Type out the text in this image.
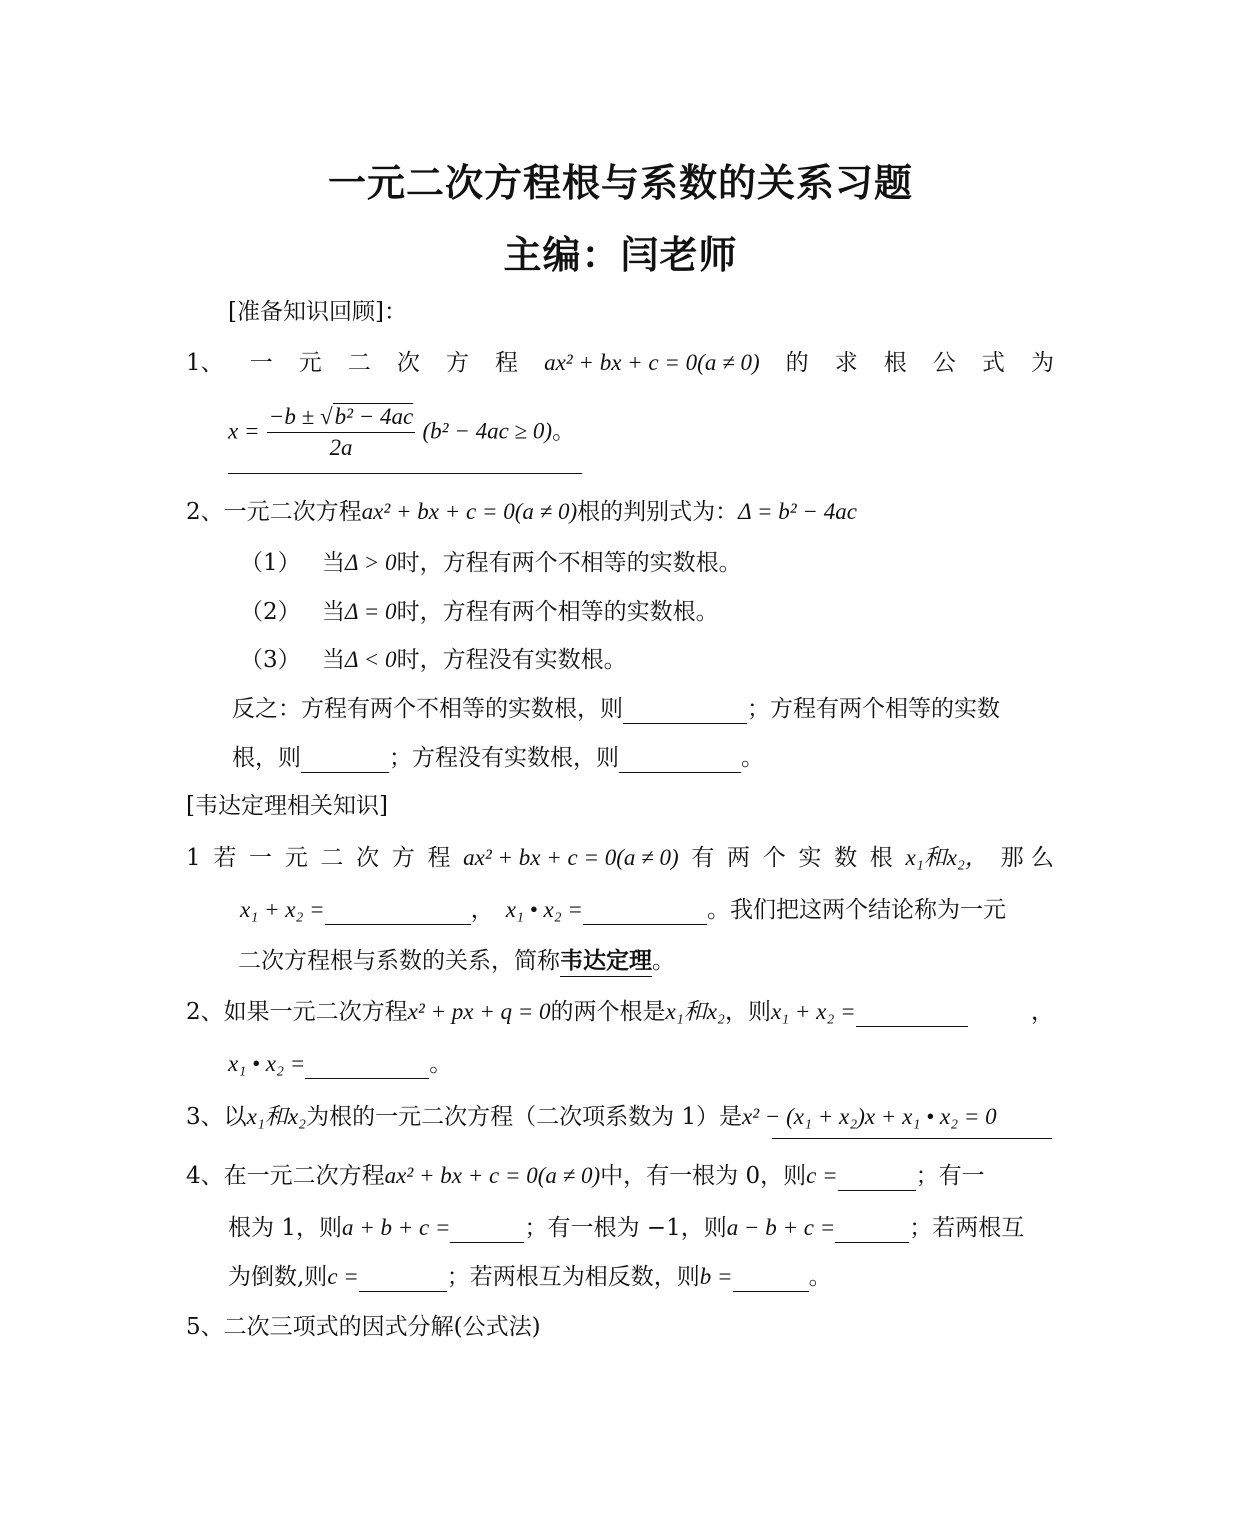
一元二次方程根与系数的关系习题
主编：闫老师
[准备知识回顾]：
1、 一 元 二 次 方 程 ax² + bx + c = 0(a ≠ 0) 的 求 根 公 式 为
$x = \frac{\text{−b ± √b² − 4ac}}{2a} (b^2 - 4ac \ge 0)$。
2、一元二次方程ax² + bx + c = 0(a ≠ 0)根的判别式为：Δ = b² − 4ac
（1） 当Δ > 0时，方程有两个不相等的实数根。
（2） 当Δ = 0时，方程有两个相等的实数根。
（3） 当Δ < 0时，方程没有实数根。
反之：方程有两个不相等的实数根，则	；方程有两个相等的实数
根，则	；方程没有实数根，则	。
[韦达定理相关知识]
1 若 一 元 二 次 方 程 ax² + bx + c = 0(a ≠ 0) 有 两 个 实 数 根 x₁和x₂， 那 么
x₁ + x₂ =	， x₁ • x₂ =	。我们把这两个结论称为一元
二次方程根与系数的关系，简称韦达定理。
2、如果一元二次方程x² + px + q = 0的两个根是x₁和x₂，则x₁ + x₂ =	，
x₁ • x₂ =	。
3、以x₁和x₂为根的一元二次方程（二次项系数为 1）是x² − (x₁ + x₂)x + x₁ • x₂ = 0
4、在一元二次方程ax² + bx + c = 0(a ≠ 0)中，有一根为 0，则c =	；有一
根为 1，则a + b + c =	；有一根为 −1，则a − b + c =	；若两根互
为倒数,则c =	；若两根互为相反数，则b =	。
5、二次三项式的因式分解(公式法)
